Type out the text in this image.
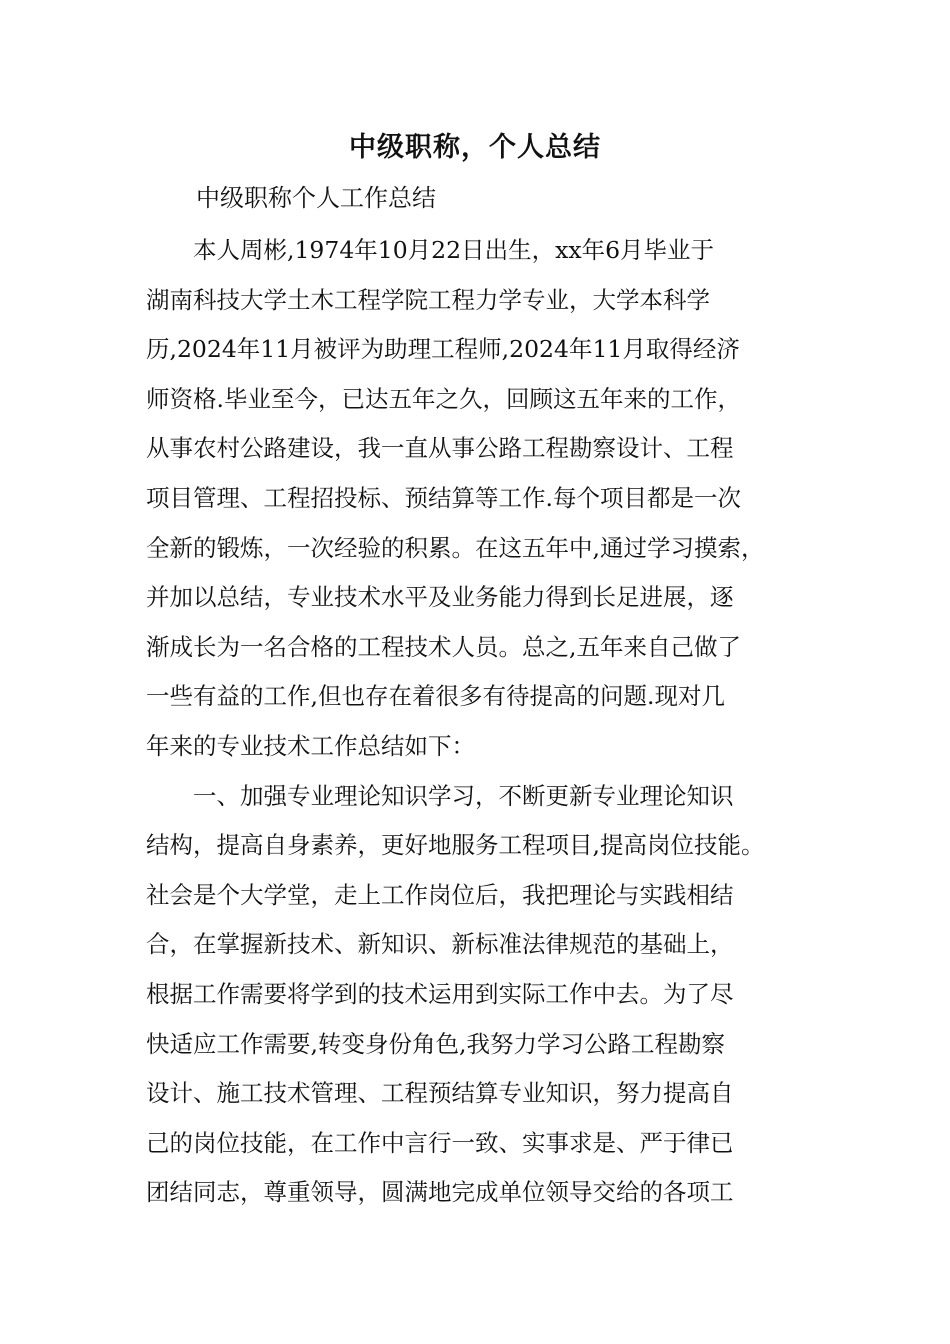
中级职称，个人总结
中级职称个人工作总结
　　本人周彬,1974年10月22日出生，xx年6月毕业于
湖南科技大学土木工程学院工程力学专业，大学本科学
历,2024年11月被评为助理工程师,2024年11月取得经济
师资格.毕业至今，已达五年之久，回顾这五年来的工作，
从事农村公路建设，我一直从事公路工程勘察设计、工程
项目管理、工程招投标、预结算等工作.每个项目都是一次
全新的锻炼，一次经验的积累。在这五年中,通过学习摸索，
并加以总结，专业技术水平及业务能力得到长足进展，逐
渐成长为一名合格的工程技术人员。总之,五年来自己做了
一些有益的工作,但也存在着很多有待提高的问题.现对几
年来的专业技术工作总结如下：
　　一、加强专业理论知识学习，不断更新专业理论知识
结构，提高自身素养，更好地服务工程项目,提高岗位技能。
社会是个大学堂，走上工作岗位后，我把理论与实践相结
合，在掌握新技术、新知识、新标准法律规范的基础上，
根据工作需要将学到的技术运用到实际工作中去。为了尽
快适应工作需要,转变身份角色,我努力学习公路工程勘察
设计、施工技术管理、工程预结算专业知识，努力提高自
己的岗位技能，在工作中言行一致、实事求是、严于律已
团结同志，尊重领导，圆满地完成单位领导交给的各项工
